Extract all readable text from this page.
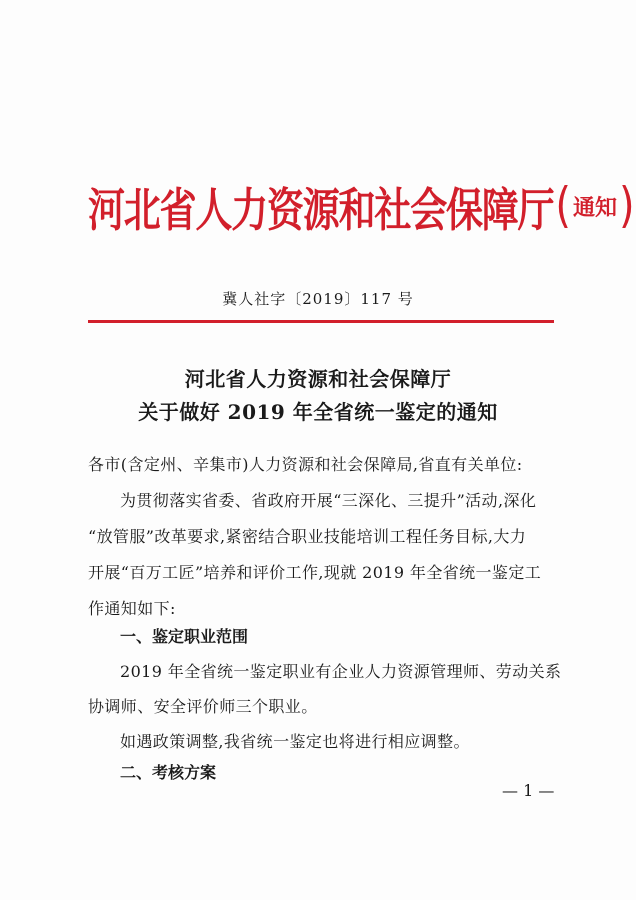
河北省人力资源和社会保障厅 ( 通知 )
冀人社字〔2019〕117 号
河北省人力资源和社会保障厅
关于做好 2019 年全省统一鉴定的通知
各市(含定州、辛集市)人力资源和社会保障局,省直有关单位:
为贯彻落实省委、省政府开展“三深化、三提升”活动,深化
“放管服”改革要求,紧密结合职业技能培训工程任务目标,大力
开展“百万工匠”培养和评价工作,现就 2019 年全省统一鉴定工
作通知如下:
一、鉴定职业范围
2019 年全省统一鉴定职业有企业人力资源管理师、劳动关系
协调师、安全评价师三个职业。
如遇政策调整,我省统一鉴定也将进行相应调整。
二、考核方案
— 1 —
